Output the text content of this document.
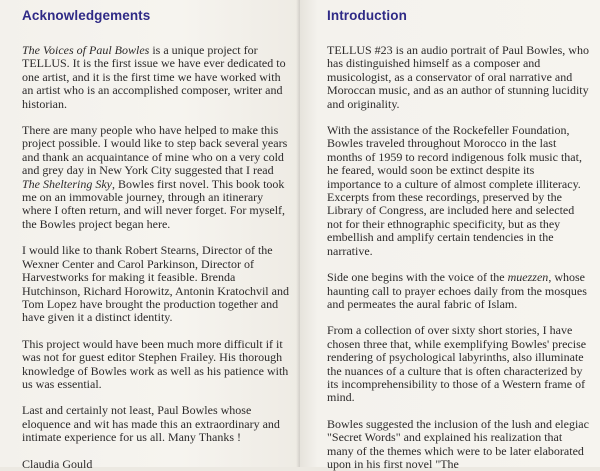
Acknowledgements

The Voices of Paul Bowles is a unique project for TELLUS. It is the first issue we have ever dedicated to one artist, and it is the first time we have worked with an artist who is an accomplished composer, writer and historian.

There are many people who have helped to make this project possible. I would like to step back several years and thank an acquaintance of mine who on a very cold and grey day in New York City suggested that I read The Sheltering Sky, Bowles first novel. This book took me on an immovable journey, through an itinerary where I often return, and will never forget. For myself, the Bowles project began here.

I would like to thank Robert Stearns, Director of the Wexner Center and Carol Parkinson, Director of Harvestworks for making it feasible. Brenda Hutchinson, Richard Horowitz, Antonin Kratochvil and Tom Lopez have brought the production together and have given it a distinct identity.

This project would have been much more difficult if it was not for guest editor Stephen Frailey. His thorough knowledge of Bowles work as well as his patience with us was essential.

Last and certainly not least, Paul Bowles whose eloquence and wit has made this an extraordinary and intimate experience for us all. Many Thanks !

Claudia Gould

Introduction

TELLUS #23 is an audio portrait of Paul Bowles, who has distinguished himself as a composer and musicologist, as a conservator of oral narrative and Moroccan music, and as an author of stunning lucidity and originality.

With the assistance of the Rockefeller Foundation, Bowles traveled throughout Morocco in the last months of 1959 to record indigenous folk music that, he feared, would soon be extinct despite its importance to a culture of almost complete illiteracy. Excerpts from these recordings, preserved by the Library of Congress, are included here and selected not for their ethnographic specificity, but as they embellish and amplify certain tendencies in the narrative.

Side one begins with the voice of the muezzen, whose haunting call to prayer echoes daily from the mosques and permeates the aural fabric of Islam.

From a collection of over sixty short stories, I have chosen three that, while exemplifying Bowles' precise rendering of psychological labyrinths, also illuminate the nuances of a culture that is often characterized by its incomprehensibility to those of a Western frame of mind.

Bowles suggested the inclusion of the lush and elegiac "Secret Words" and explained his realization that many of the themes which were to be later elaborated upon in his first novel "The
